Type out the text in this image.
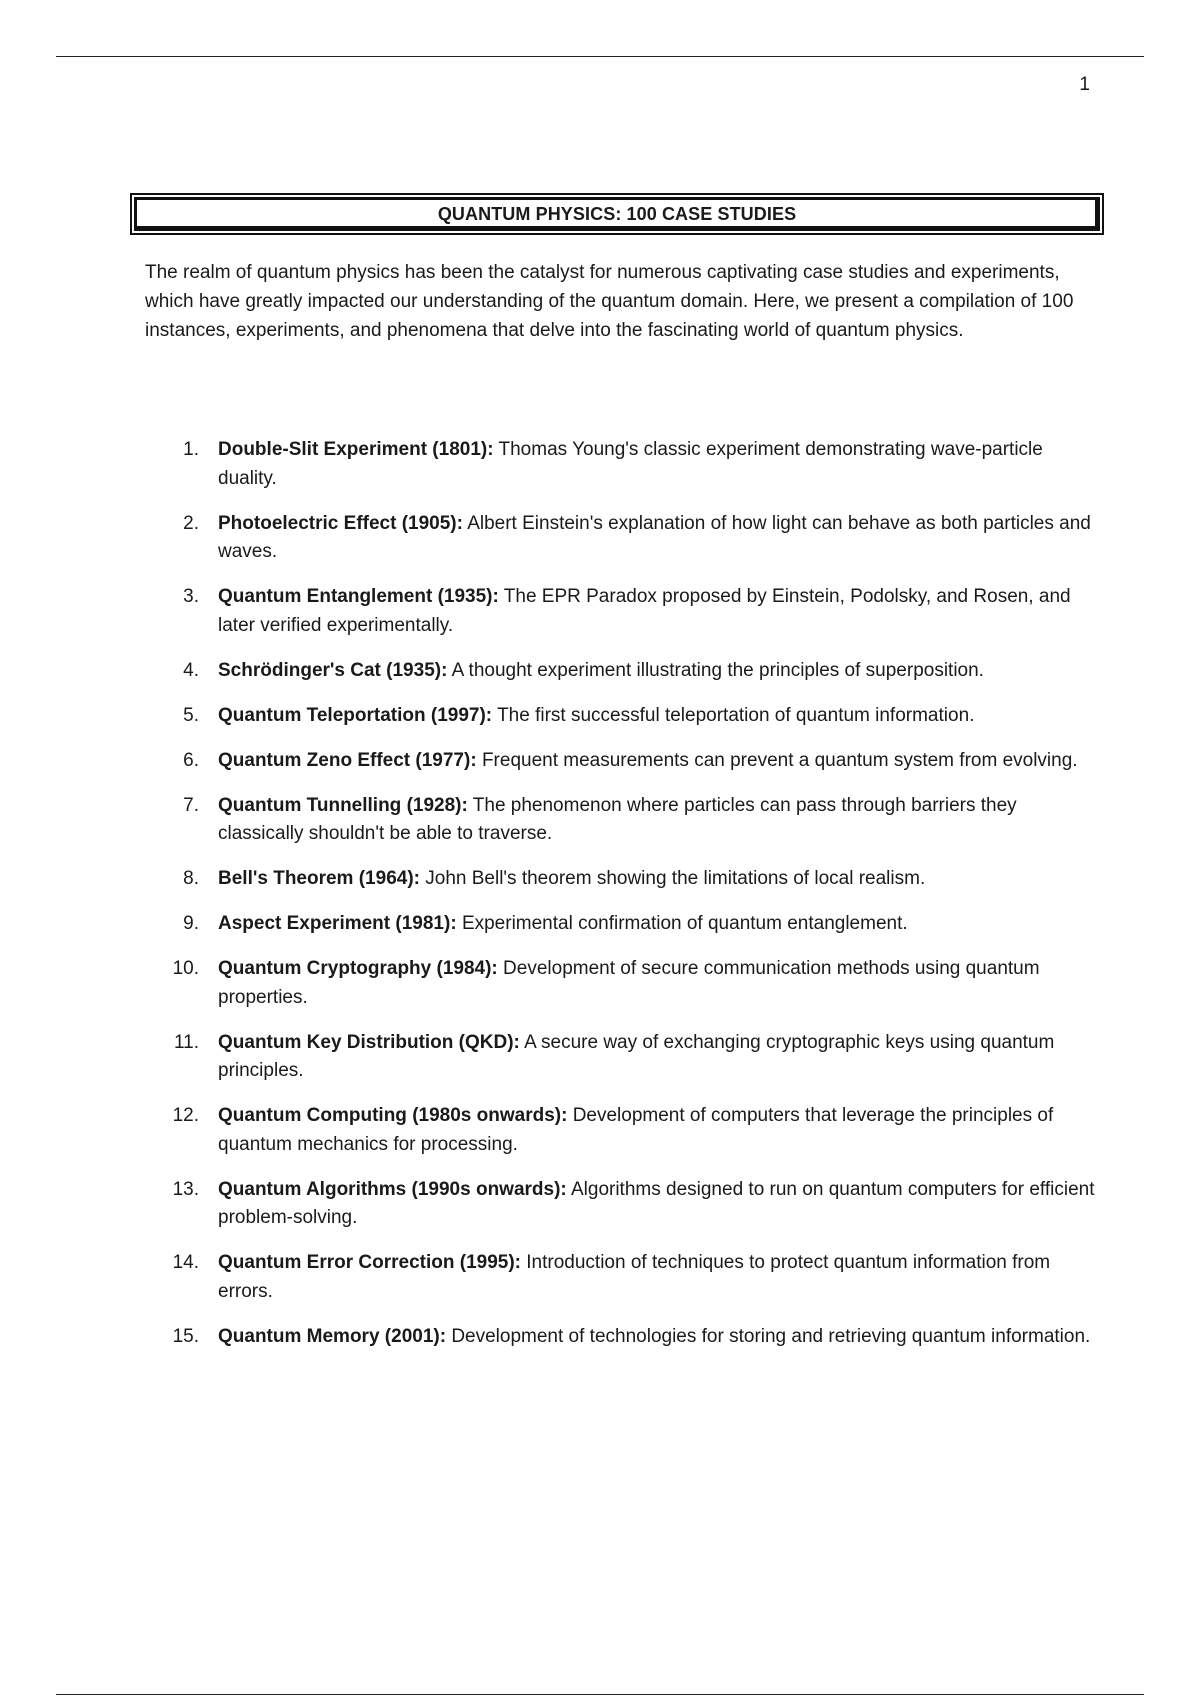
1
QUANTUM PHYSICS: 100 CASE STUDIES

The realm of quantum physics has been the catalyst for numerous captivating case studies and experiments, which have greatly impacted our understanding of the quantum domain. Here, we present a compilation of 100 instances, experiments, and phenomena that delve into the fascinating world of quantum physics.

1. Double-Slit Experiment (1801): Thomas Young's classic experiment demonstrating wave-particle duality.
2. Photoelectric Effect (1905): Albert Einstein's explanation of how light can behave as both particles and waves.
3. Quantum Entanglement (1935): The EPR Paradox proposed by Einstein, Podolsky, and Rosen, and later verified experimentally.
4. Schrödinger's Cat (1935): A thought experiment illustrating the principles of superposition.
5. Quantum Teleportation (1997): The first successful teleportation of quantum information.
6. Quantum Zeno Effect (1977): Frequent measurements can prevent a quantum system from evolving.
7. Quantum Tunnelling (1928): The phenomenon where particles can pass through barriers they classically shouldn't be able to traverse.
8. Bell's Theorem (1964): John Bell's theorem showing the limitations of local realism.
9. Aspect Experiment (1981): Experimental confirmation of quantum entanglement.
10. Quantum Cryptography (1984): Development of secure communication methods using quantum properties.
11. Quantum Key Distribution (QKD): A secure way of exchanging cryptographic keys using quantum principles.
12. Quantum Computing (1980s onwards): Development of computers that leverage the principles of quantum mechanics for processing.
13. Quantum Algorithms (1990s onwards): Algorithms designed to run on quantum computers for efficient problem-solving.
14. Quantum Error Correction (1995): Introduction of techniques to protect quantum information from errors.
15. Quantum Memory (2001): Development of technologies for storing and retrieving quantum information.
